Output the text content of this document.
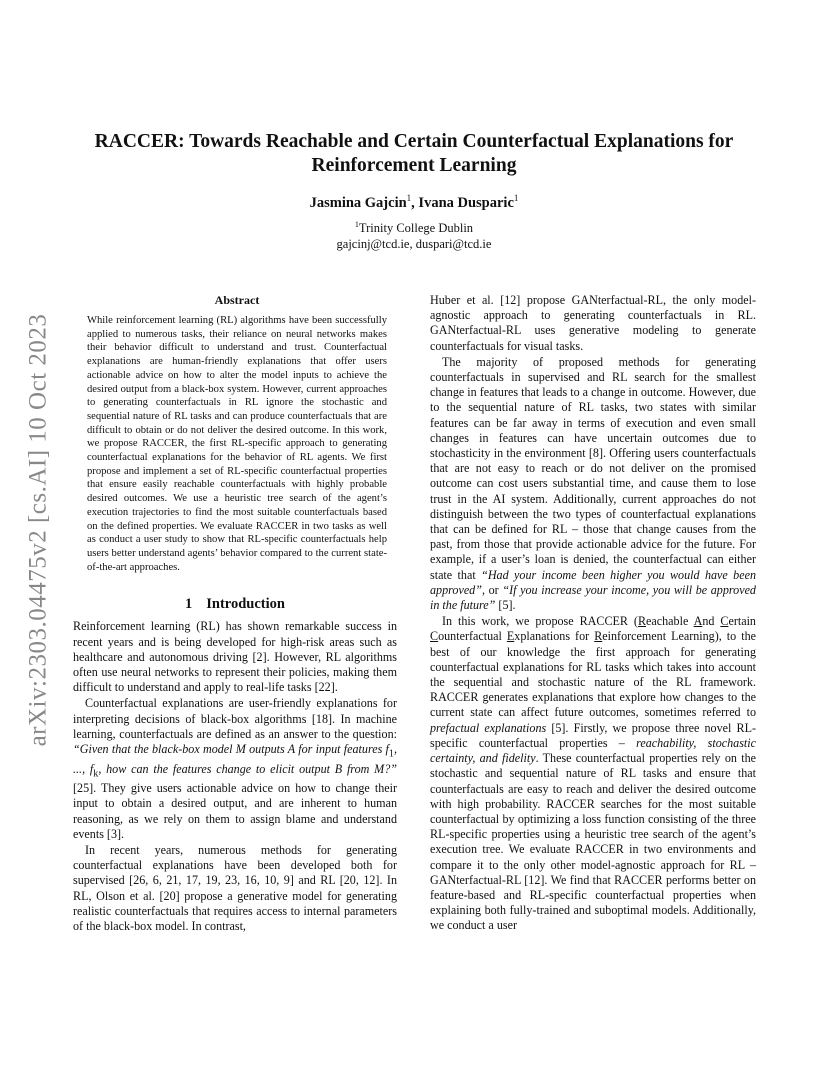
arXiv:2303.04475v2 [cs.AI] 10 Oct 2023
RACCER: Towards Reachable and Certain Counterfactual Explanations for Reinforcement Learning
Jasmina Gajcin$^1$, Ivana Dusparic$^1$
$^1$Trinity College Dublin
gajcinj@tcd.ie, duspari@tcd.ie
Abstract

While reinforcement learning (RL) algorithms have been successfully applied to numerous tasks, their reliance on neural networks makes their behavior difficult to understand and trust. Counterfactual explanations are human-friendly explanations that offer users actionable advice on how to alter the model inputs to achieve the desired output from a black-box system. However, current approaches to generating counterfactuals in RL ignore the stochastic and sequential nature of RL tasks and can produce counterfactuals that are difficult to obtain or do not deliver the desired outcome. In this work, we propose RACCER, the first RL-specific approach to generating counterfactual explanations for the behavior of RL agents. We first propose and implement a set of RL-specific counterfactual properties that ensure easily reachable counterfactuals with highly probable desired outcomes. We use a heuristic tree search of the agent’s execution trajectories to find the most suitable counterfactuals based on the defined properties. We evaluate RACCER in two tasks as well as conduct a user study to show that RL-specific counterfactuals help users better understand agents’ behavior compared to the current state-of-the-art approaches.

1 Introduction

Reinforcement learning (RL) has shown remarkable success in recent years and is being developed for high-risk areas such as healthcare and autonomous driving [2]. However, RL algorithms often use neural networks to represent their policies, making them difficult to understand and apply to real-life tasks [22].

Counterfactual explanations are user-friendly explanations for interpreting decisions of black-box algorithms [18]. In machine learning, counterfactuals are defined as an answer to the question: “Given that the black-box model M outputs A for input features $f_1$, ..., $f_k$, how can the features change to elicit output B from M?” [25]. They give users actionable advice on how to change their input to obtain a desired output, and are inherent to human reasoning, as we rely on them to assign blame and understand events [3].

In recent years, numerous methods for generating counterfactual explanations have been developed both for supervised [26, 6, 21, 17, 19, 23, 16, 10, 9] and RL [20, 12]. In RL, Olson et al. [20] propose a generative model for generating realistic counterfactuals that requires access to internal parameters of the black-box model. In contrast,

Huber et al. [12] propose GANterfactual-RL, the only model-agnostic approach to generating counterfactuals in RL. GANterfactual-RL uses generative modeling to generate counterfactuals for visual tasks.

The majority of proposed methods for generating counterfactuals in supervised and RL search for the smallest change in features that leads to a change in outcome. However, due to the sequential nature of RL tasks, two states with similar features can be far away in terms of execution and even small changes in features can have uncertain outcomes due to stochasticity in the environment [8]. Offering users counterfactuals that are not easy to reach or do not deliver on the promised outcome can cost users substantial time, and cause them to lose trust in the AI system. Additionally, current approaches do not distinguish between the two types of counterfactual explanations that can be defined for RL – those that change causes from the past, from those that provide actionable advice for the future. For example, if a user’s loan is denied, the counterfactual can either state that “Had your income been higher you would have been approved”, or “If you increase your income, you will be approved in the future” [5].

In this work, we propose RACCER (Reachable And Certain Counterfactual Explanations for Reinforcement Learning), to the best of our knowledge the first approach for generating counterfactual explanations for RL tasks which takes into account the sequential and stochastic nature of the RL framework. RACCER generates explanations that explore how changes to the current state can affect future outcomes, sometimes referred to prefactual explanations [5]. Firstly, we propose three novel RL-specific counterfactual properties – reachability, stochastic certainty, and fidelity. These counterfactual properties rely on the stochastic and sequential nature of RL tasks and ensure that counterfactuals are easy to reach and deliver the desired outcome with high probability. RACCER searches for the most suitable counterfactual by optimizing a loss function consisting of the three RL-specific properties using a heuristic tree search of the agent’s execution tree. We evaluate RACCER in two environments and compare it to the only other model-agnostic approach for RL – GANterfactual-RL [12]. We find that RACCER performs better on feature-based and RL-specific counterfactual properties when explaining both fully-trained and suboptimal models. Additionally, we conduct a user
